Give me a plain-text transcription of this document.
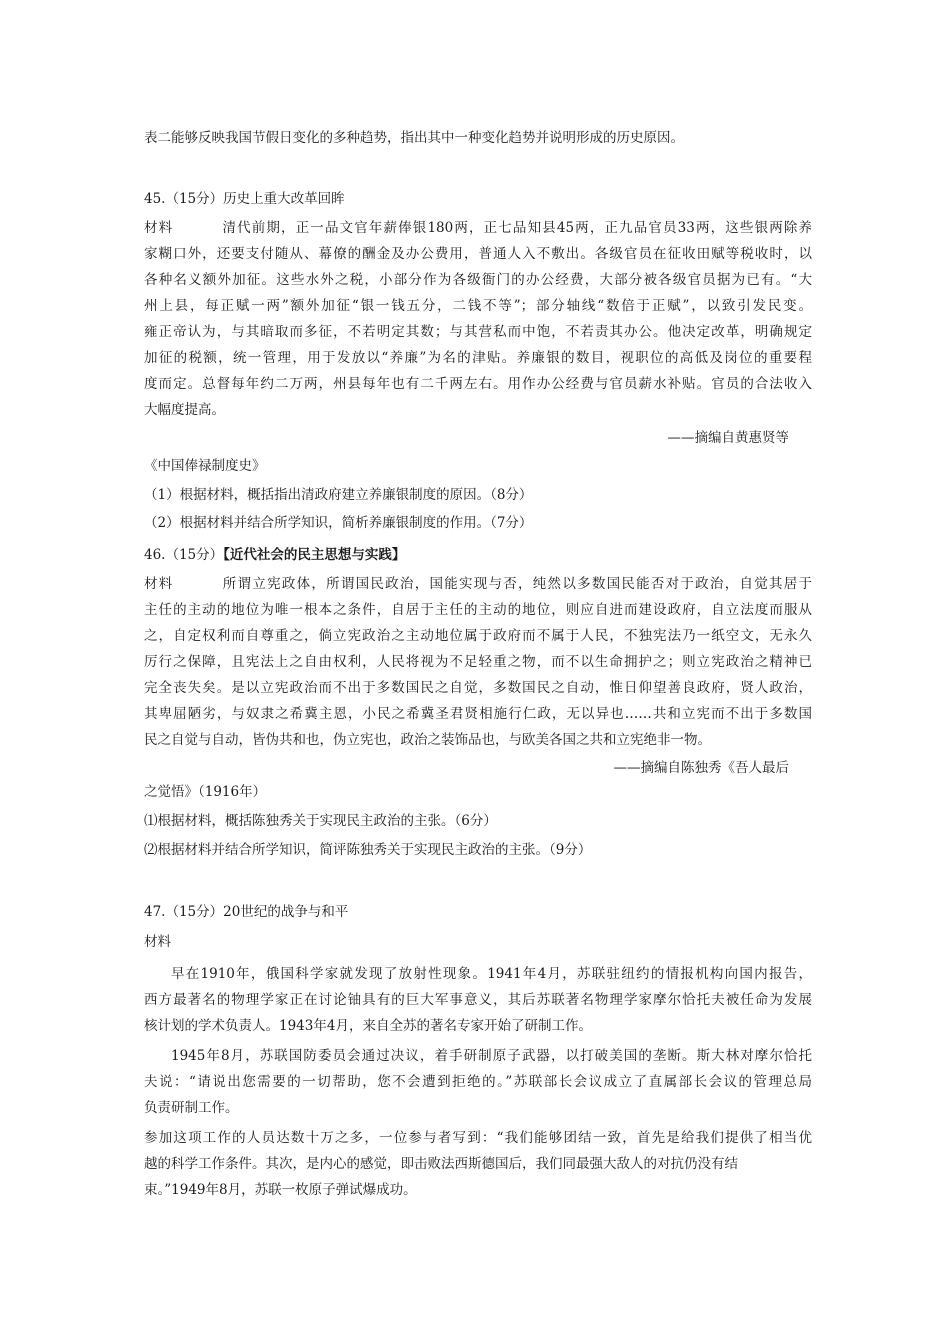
表二能够反映我国节假日变化的多种趋势，指出其中一种变化趋势并说明形成的历史原因。
45.（15分）历史上重大改革回眸
材料	清代前期，正一品文官年薪俸银180两，正七品知县45两，正九品官员33两，这些银两除养
家糊口外，还要支付随从、幕僚的酬金及办公费用，普通人入不敷出。各级官员在征收田赋等税收时，以
各种名义额外加征。这些水外之税，小部分作为各级衙门的办公经费，大部分被各级官员据为已有。“大
州上县，每正赋一两”额外加征“银一钱五分，二钱不等”；部分轴线“数倍于正赋”，以致引发民变。
雍正帝认为，与其暗取而多征，不若明定其数；与其营私而中饱，不若责其办公。他决定改革，明确规定
加征的税额，统一管理，用于发放以“养廉”为名的津贴。养廉银的数目，视职位的高低及岗位的重要程
度而定。总督每年约二万两，州县每年也有二千两左右。用作办公经费与官员薪水补贴。官员的合法收入
大幅度提高。
——摘编自黄惠贤等
《中国俸禄制度史》
（1）根据材料，概括指出清政府建立养廉银制度的原因。（8分）
（2）根据材料并结合所学知识，简析养廉银制度的作用。（7分）
46.（15分）【近代社会的民主思想与实践】
材料	所谓立宪政体，所谓国民政治，国能实现与否，纯然以多数国民能否对于政治，自觉其居于
主任的主动的地位为唯一根本之条件，自居于主任的主动的地位，则应自进而建设政府，自立法度而服从
之，自定权利而自尊重之，倘立宪政治之主动地位属于政府而不属于人民，不独宪法乃一纸空文，无永久
厉行之保障，且宪法上之自由权利，人民将视为不足轻重之物，而不以生命拥护之；则立宪政治之精神已
完全丧失矣。是以立宪政治而不出于多数国民之自觉，多数国民之自动，惟日仰望善良政府，贤人政治，
其卑屈陋劣，与奴隶之希冀主恩，小民之希冀圣君贤相施行仁政，无以异也……共和立宪而不出于多数国
民之自觉与自动，皆伪共和也，伪立宪也，政治之装饰品也，与欧美各国之共和立宪绝非一物。
——摘编自陈独秀《吾人最后
之觉悟》（1916年）
⑴根据材料，概括陈独秀关于实现民主政治的主张。（6分）
⑵根据材料并结合所学知识，简评陈独秀关于实现民主政治的主张。（9分）
47.（15分）20世纪的战争与和平
材料
早在1910年，俄国科学家就发现了放射性现象。1941年4月，苏联驻纽约的情报机构向国内报告，
西方最著名的物理学家正在讨论铀具有的巨大军事意义，其后苏联著名物理学家摩尔恰托夫被任命为发展
核计划的学术负责人。1943年4月，来自全苏的著名专家开始了研制工作。
1945年8月，苏联国防委员会通过决议，着手研制原子武器，以打破美国的垄断。斯大林对摩尔恰托
夫说：“请说出您需要的一切帮助，您不会遭到拒绝的。”苏联部长会议成立了直属部长会议的管理总局
负责研制工作。
参加这项工作的人员达数十万之多，一位参与者写到：“我们能够团结一致，首先是给我们提供了相当优
越的科学工作条件。其次，是内心的感觉，即击败法西斯德国后，我们同最强大敌人的对抗仍没有结
束。”1949年8月，苏联一枚原子弹试爆成功。
